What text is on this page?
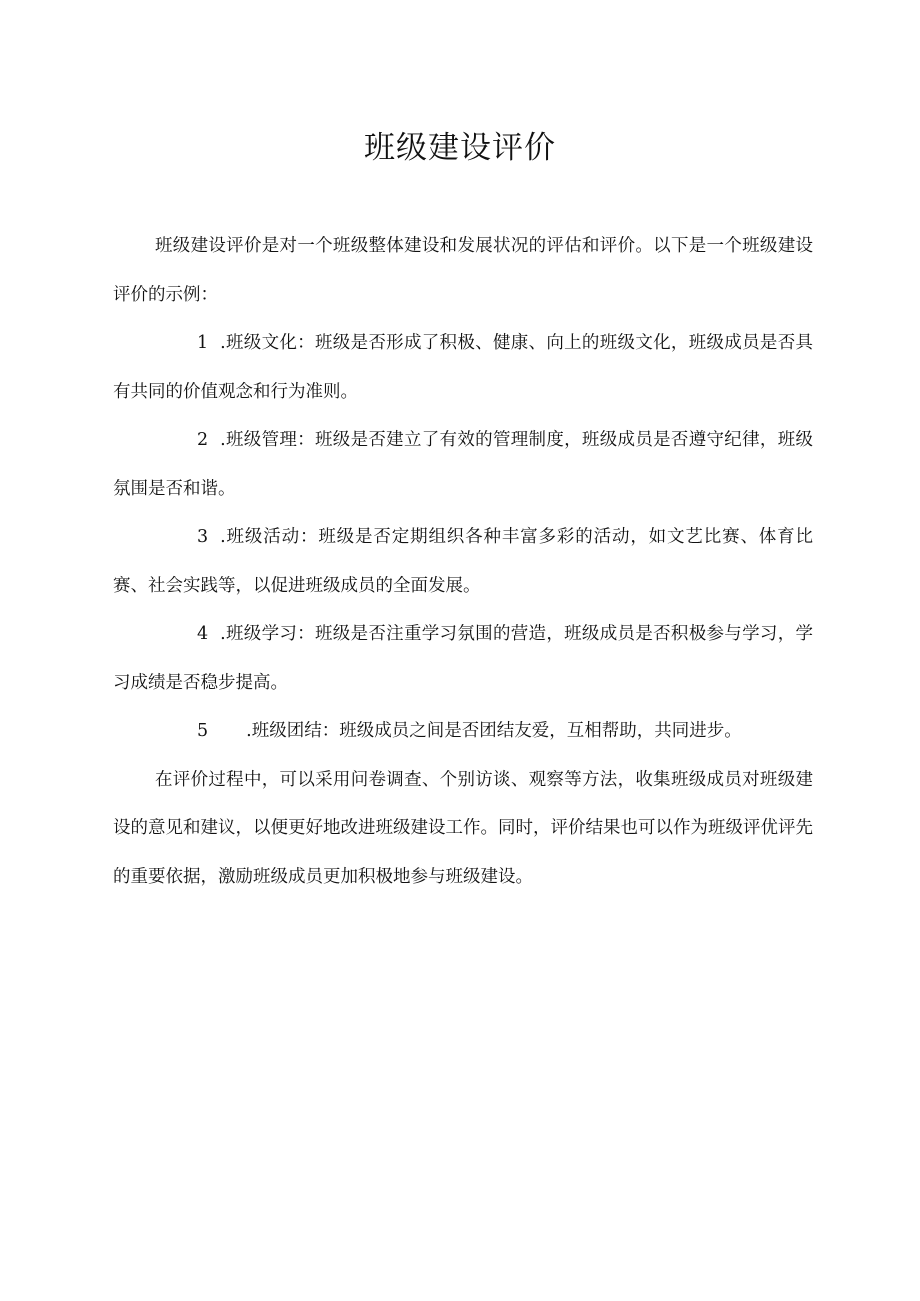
班级建设评价

班级建设评价是对一个班级整体建设和发展状况的评估和评价。以下是一个班级建设评价的示例：

1 .班级文化：班级是否形成了积极、健康、向上的班级文化，班级成员是否具有共同的价值观念和行为准则。

2 .班级管理：班级是否建立了有效的管理制度，班级成员是否遵守纪律，班级氛围是否和谐。

3 .班级活动：班级是否定期组织各种丰富多彩的活动，如文艺比赛、体育比赛、社会实践等，以促进班级成员的全面发展。

4 .班级学习：班级是否注重学习氛围的营造，班级成员是否积极参与学习，学习成绩是否稳步提高。

5 .班级团结：班级成员之间是否团结友爱，互相帮助，共同进步。

在评价过程中，可以采用问卷调查、个别访谈、观察等方法，收集班级成员对班级建设的意见和建议，以便更好地改进班级建设工作。同时，评价结果也可以作为班级评优评先的重要依据，激励班级成员更加积极地参与班级建设。
